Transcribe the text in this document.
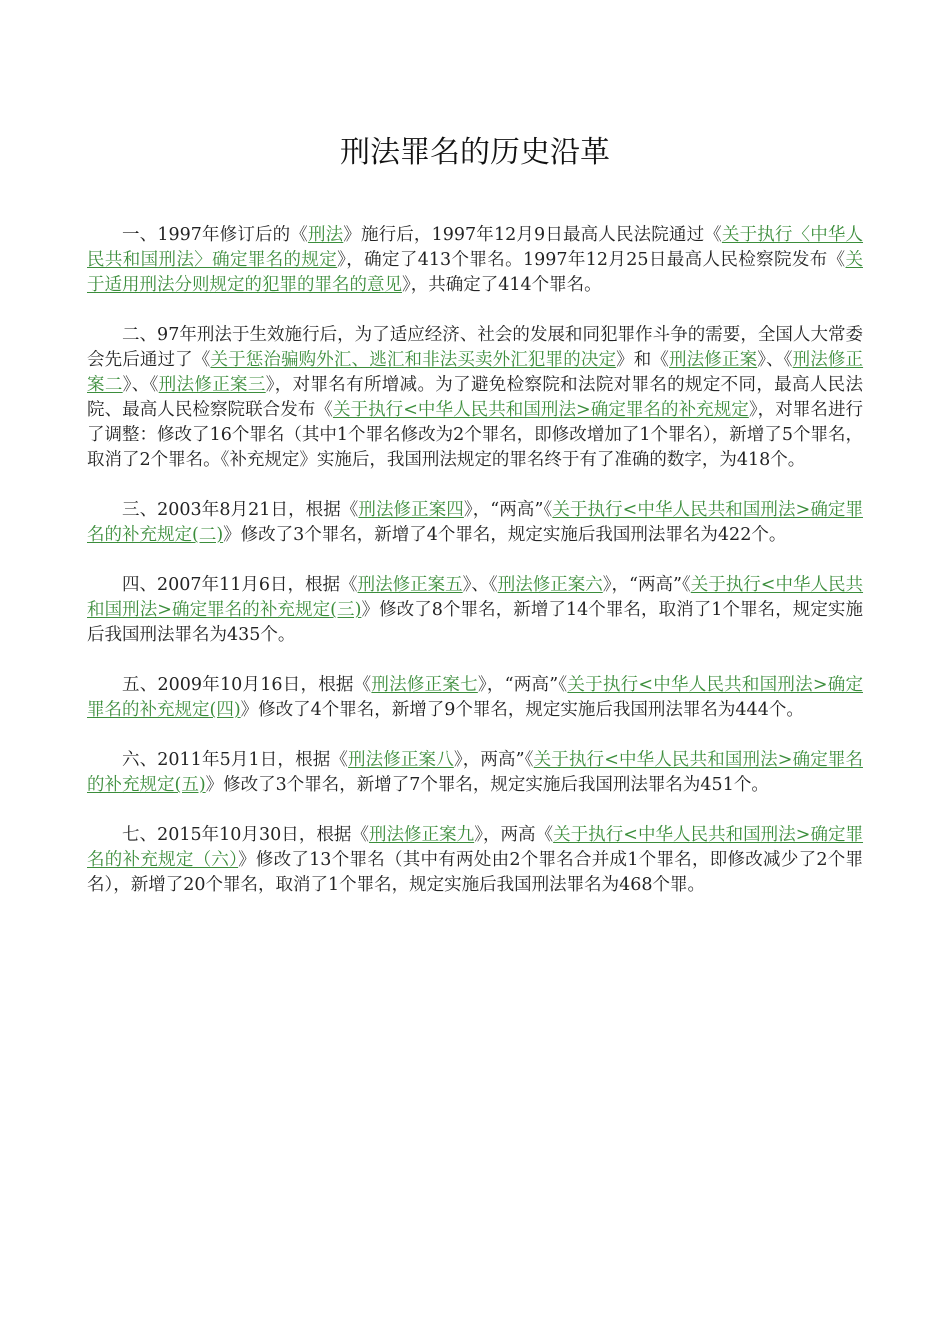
刑法罪名的历史沿革

一、1997年修订后的《刑法》施行后，1997年12月9日最高人民法院通过《关于执行〈中华人民共和国刑法〉确定罪名的规定》，确定了413个罪名。1997年12月25日最高人民检察院发布《关于适用刑法分则规定的犯罪的罪名的意见》，共确定了414个罪名。

二、97年刑法于生效施行后，为了适应经济、社会的发展和同犯罪作斗争的需要，全国人大常委会先后通过了《关于惩治骗购外汇、逃汇和非法买卖外汇犯罪的决定》和《刑法修正案》、《刑法修正案二》、《刑法修正案三》，对罪名有所增减。为了避免检察院和法院对罪名的规定不同，最高人民法院、最高人民检察院联合发布《关于执行<中华人民共和国刑法>确定罪名的补充规定》，对罪名进行了调整：修改了16个罪名（其中1个罪名修改为2个罪名，即修改增加了1个罪名），新增了5个罪名，取消了2个罪名。《补充规定》实施后，我国刑法规定的罪名终于有了准确的数字，为418个。

三、2003年8月21日，根据《刑法修正案四》，“两高”《关于执行<中华人民共和国刑法>确定罪名的补充规定(二)》修改了3个罪名，新增了4个罪名，规定实施后我国刑法罪名为422个。

四、2007年11月6日，根据《刑法修正案五》、《刑法修正案六》，“两高”《关于执行<中华人民共和国刑法>确定罪名的补充规定(三)》修改了8个罪名，新增了14个罪名，取消了1个罪名，规定实施后我国刑法罪名为435个。

五、2009年10月16日，根据《刑法修正案七》，“两高”《关于执行<中华人民共和国刑法>确定罪名的补充规定(四)》修改了4个罪名，新增了9个罪名，规定实施后我国刑法罪名为444个。

六、2011年5月1日，根据《刑法修正案八》，两高”《关于执行<中华人民共和国刑法>确定罪名的补充规定(五)》修改了3个罪名，新增了7个罪名，规定实施后我国刑法罪名为451个。

七、2015年10月30日，根据《刑法修正案九》，两高《关于执行<中华人民共和国刑法>确定罪名的补充规定（六）》修改了13个罪名（其中有两处由2个罪名合并成1个罪名，即修改减少了2个罪名），新增了20个罪名，取消了1个罪名，规定实施后我国刑法罪名为468个罪。
